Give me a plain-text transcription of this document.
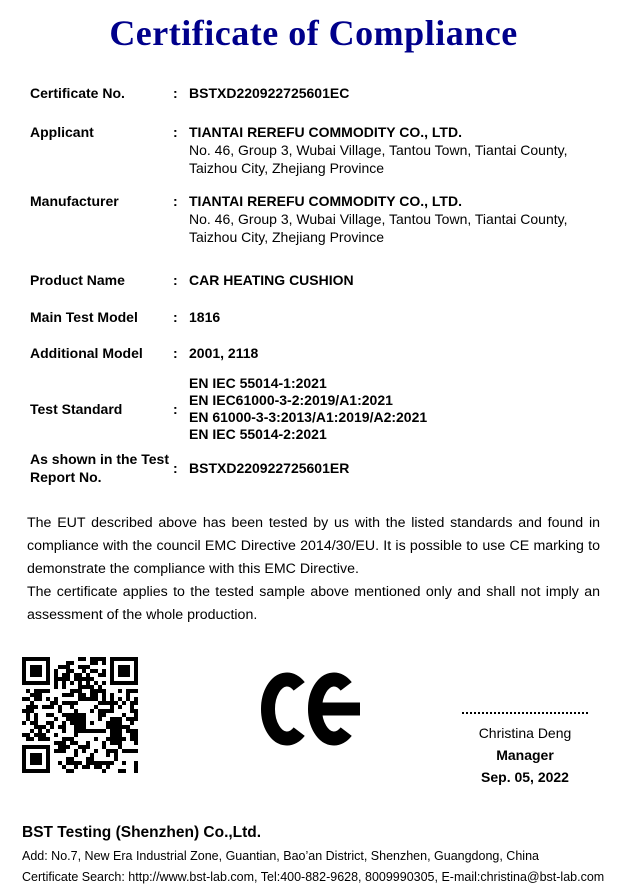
Certificate of Compliance
Certificate No.	: BSTXD220922725601EC
Applicant	: TIANTAI REREFU COMMODITY CO., LTD.
No. 46, Group 3, Wubai Village, Tantou Town, Tiantai County,
Taizhou City, Zhejiang Province
Manufacturer	: TIANTAI REREFU COMMODITY CO., LTD.
No. 46, Group 3, Wubai Village, Tantou Town, Tiantai County,
Taizhou City, Zhejiang Province
Product Name	: CAR HEATING CUSHION
Main Test Model	: 1816
Additional Model	: 2001, 2118
Test Standard	:
EN IEC 55014-1:2021
EN IEC61000-3-2:2019/A1:2021
EN 61000-3-3:2013/A1:2019/A2:2021
EN IEC 55014-2:2021
As shown in the Test Report No.
: BSTXD220922725601ER
The EUT described above has been tested by us with the listed standards and found in compliance with the council EMC Directive 2014/30/EU. It is possible to use CE marking to demonstrate the compliance with this EMC Directive.
The certificate applies to the tested sample above mentioned only and shall not imply an assessment of the whole production.
Christina Deng
Manager
Sep. 05, 2022
BST Testing (Shenzhen) Co.,Ltd.
Add: No.7, New Era Industrial Zone, Guantian, Bao’an District, Shenzhen, Guangdong, China
Certificate Search: http://www.bst-lab.com, Tel:400-882-9628, 8009990305, E-mail:christina@bst-lab.com
